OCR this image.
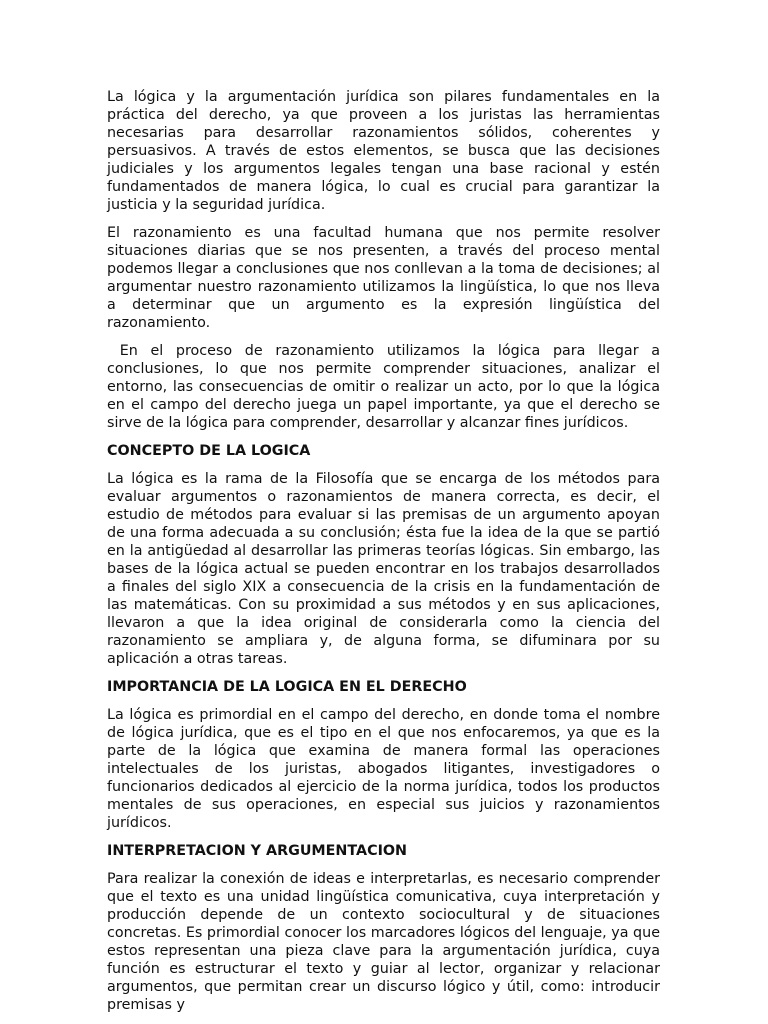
La lógica y la argumentación jurídica son pilares fundamentales en la práctica del derecho, ya que proveen a los juristas las herramientas necesarias para desarrollar razonamientos sólidos, coherentes y persuasivos. A través de estos elementos, se busca que las decisiones judiciales y los argumentos legales tengan una base racional y estén fundamentados de manera lógica, lo cual es crucial para garantizar la justicia y la seguridad jurídica.

El razonamiento es una facultad humana que nos permite resolver situaciones diarias que se nos presenten, a través del proceso mental podemos llegar a conclusiones que nos conllevan a la toma de decisiones; al argumentar nuestro razonamiento utilizamos la lingüística, lo que nos lleva a determinar que un argumento es la expresión lingüística del razonamiento.

En el proceso de razonamiento utilizamos la lógica para llegar a conclusiones, lo que nos permite comprender situaciones, analizar el entorno, las consecuencias de omitir o realizar un acto, por lo que la lógica en el campo del derecho juega un papel importante, ya que el derecho se sirve de la lógica para comprender, desarrollar y alcanzar fines jurídicos.

CONCEPTO DE LA LOGICA

La lógica es la rama de la Filosofía que se encarga de los métodos para evaluar argumentos o razonamientos de manera correcta, es decir, el estudio de métodos para evaluar si las premisas de un argumento apoyan de una forma adecuada a su conclusión; ésta fue la idea de la que se partió en la antigüedad al desarrollar las primeras teorías lógicas. Sin embargo, las bases de la lógica actual se pueden encontrar en los trabajos desarrollados a finales del siglo XIX a consecuencia de la crisis en la fundamentación de las matemáticas. Con su proximidad a sus métodos y en sus aplicaciones, llevaron a que la idea original de considerarla como la ciencia del razonamiento se ampliara y, de alguna forma, se difuminara por su aplicación a otras tareas.

IMPORTANCIA DE LA LOGICA EN EL DERECHO

La lógica es primordial en el campo del derecho, en donde toma el nombre de lógica jurídica, que es el tipo en el que nos enfocaremos, ya que es la parte de la lógica que examina de manera formal las operaciones intelectuales de los juristas, abogados litigantes, investigadores o funcionarios dedicados al ejercicio de la norma jurídica, todos los productos mentales de sus operaciones, en especial sus juicios y razonamientos jurídicos.

INTERPRETACION Y ARGUMENTACION

Para realizar la conexión de ideas e interpretarlas, es necesario comprender que el texto es una unidad lingüística comunicativa, cuya interpretación y producción depende de un contexto sociocultural y de situaciones concretas. Es primordial conocer los marcadores lógicos del lenguaje, ya que estos representan una pieza clave para la argumentación jurídica, cuya función es estructurar el texto y guiar al lector, organizar y relacionar argumentos, que permitan crear un discurso lógico y útil, como: introducir premisas y
